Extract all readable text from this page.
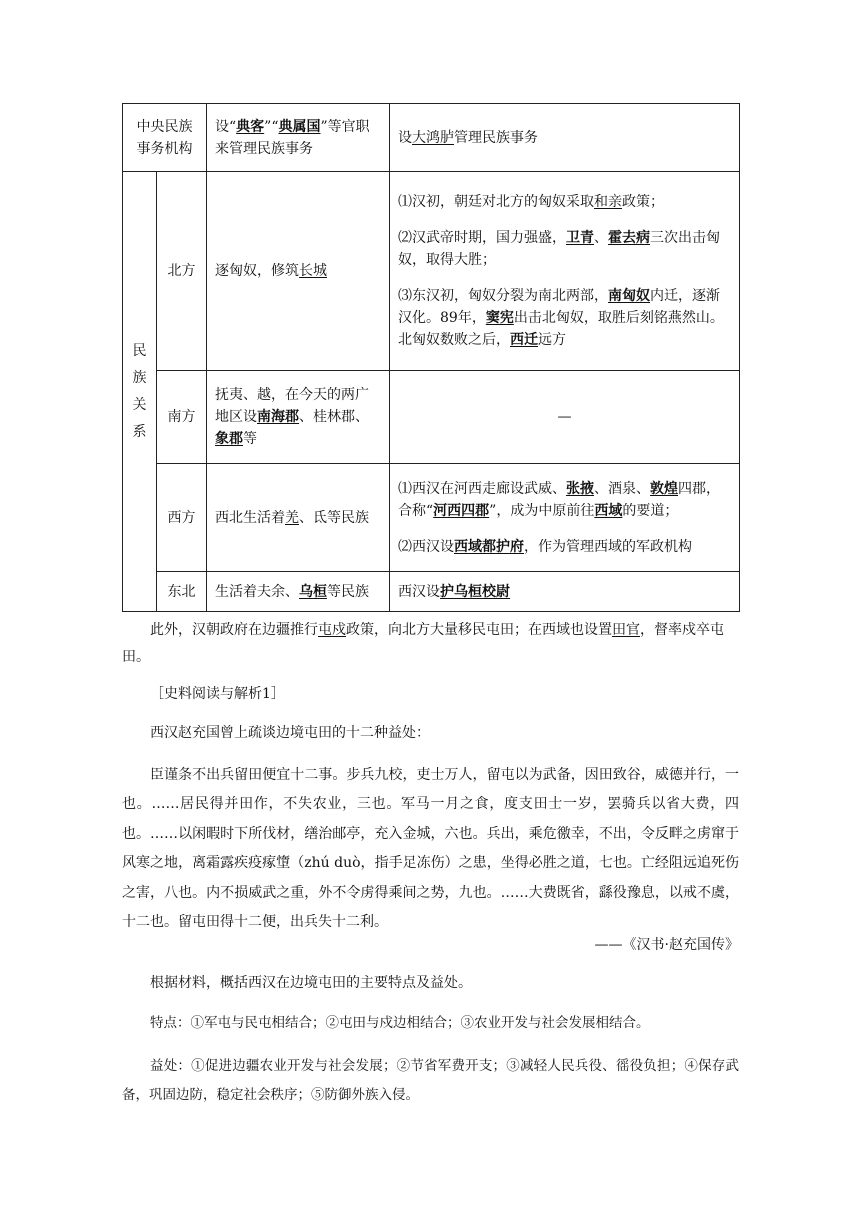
中央民族事务机构		设“典客”“典属国”等官职来管理民族事务	设大鸿胪管理民族事务
民族关系	北方	逐匈奴，修筑长城	⑴汉初，朝廷对北方的匈奴采取和亲政策；

⑵汉武帝时期，国力强盛，卫青、霍去病三次出击匈奴，取得大胜；

⑶东汉初，匈奴分裂为南北两部，南匈奴内迁，逐渐汉化。89年，窦宪出击北匈奴，取胜后刻铭燕然山。北匈奴数败之后，西迁远方

	南方	抚夷、越，在今天的两广地区设南海郡、桂林郡、象郡等	—
	西方	西北生活着羌、氐等民族	⑴西汉在河西走廊设武威、张掖、酒泉、敦煌四郡，合称“河西四郡”，成为中原前往西域的要道；

⑵西汉设西域都护府，作为管理西域的军政机构

	东北	生活着夫余、乌桓等民族	西汉设护乌桓校尉

此外，汉朝政府在边疆推行屯戍政策，向北方大量移民屯田；在西域也设置田官，督率戍卒屯田。

［史料阅读与解析1］

西汉赵充国曾上疏谈边境屯田的十二种益处：

臣谨条不出兵留田便宜十二事。步兵九校，吏士万人，留屯以为武备，因田致谷，威德并行，一也。……居民得并田作，不失农业，三也。军马一月之食，度支田士一岁，罢骑兵以省大费，四也。……以闲暇时下所伐材，缮治邮亭，充入金城，六也。兵出，乘危徼幸，不出，令反畔之虏窜于风寒之地，离霜露疾疫瘃墯（zhú duò，指手足冻伤）之患，坐得必胜之道，七也。亡经阻远追死伤之害，八也。内不损威武之重，外不令虏得乘间之势，九也。……大费既省，繇役豫息，以戒不虞，十二也。留屯田得十二便，出兵失十二利。

——《汉书·赵充国传》

根据材料，概括西汉在边境屯田的主要特点及益处。

特点：①军屯与民屯相结合；②屯田与戍边相结合；③农业开发与社会发展相结合。

益处：①促进边疆农业开发与社会发展；②节省军费开支；③减轻人民兵役、徭役负担；④保存武备，巩固边防，稳定社会秩序；⑤防御外族入侵。
